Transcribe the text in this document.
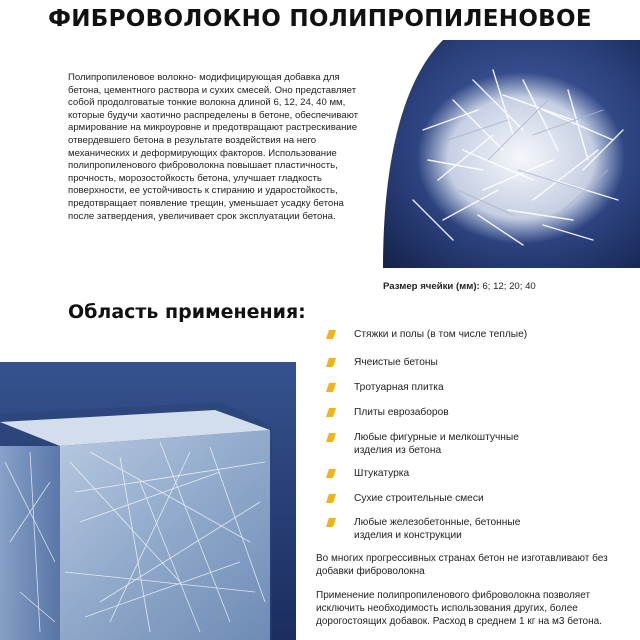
ФИБРОВОЛОКНО ПОЛИПРОПИЛЕНОВОЕ
Полипропиленовое волокно- модифицирующая добавка для бетона, цементного раствора и сухих смесей. Оно представляет собой продолговатые тонкие волокна длиной 6, 12, 24, 40 мм, которые будучи хаотично распределены в бетоне, обеспечивают армирование на микроуровне и предотвращают растрескивание отвердевшего бетона в результате воздействия на него механических и деформирующих факторов. Использование полипропиленового фиброволокна повышает пластичность, прочность, морозостойкость бетона, улучшает гладкость поверхности, ее устойчивость к стиранию и ударостойкость, предотвращает появление трещин, уменьшает усадку бетона после затвердения, увеличивает срок эксплуатации бетона.
Размер ячейки (мм): 6; 12; 20; 40
Область применения:
Стяжки и полы (в том числе теплые)
Ячеистые бетоны
Тротуарная плитка
Плиты еврозаборов
Любые фигурные и мелкоштучные изделия из бетона
Штукатурка
Сухие строительные смеси
Любые железобетонные, бетонные изделия и конструкции
Во многих прогрессивных странах бетон не изготавливают без добавки фиброволокна
Применение полипропиленового фиброволокна позволяет исключить необходимость использования других, более дорогостоящих добавок. Расход в среднем 1 кг на м3 бетона.
